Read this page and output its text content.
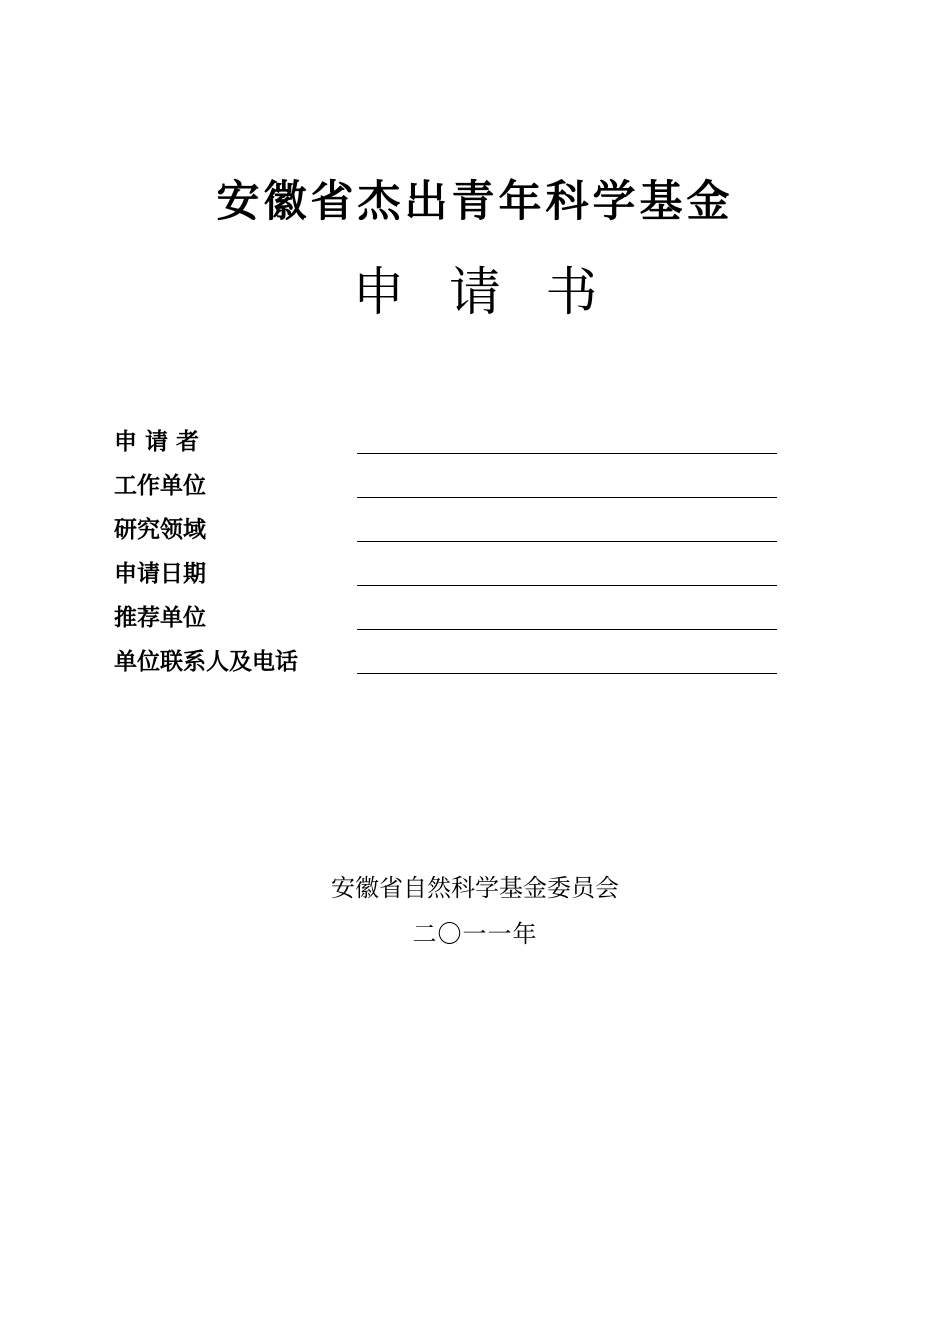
安徽省杰出青年科学基金
申 请 书
申 请 者
工作单位
研究领域
申请日期
推荐单位
单位联系人及电话
安徽省自然科学基金委员会
二〇一一年
